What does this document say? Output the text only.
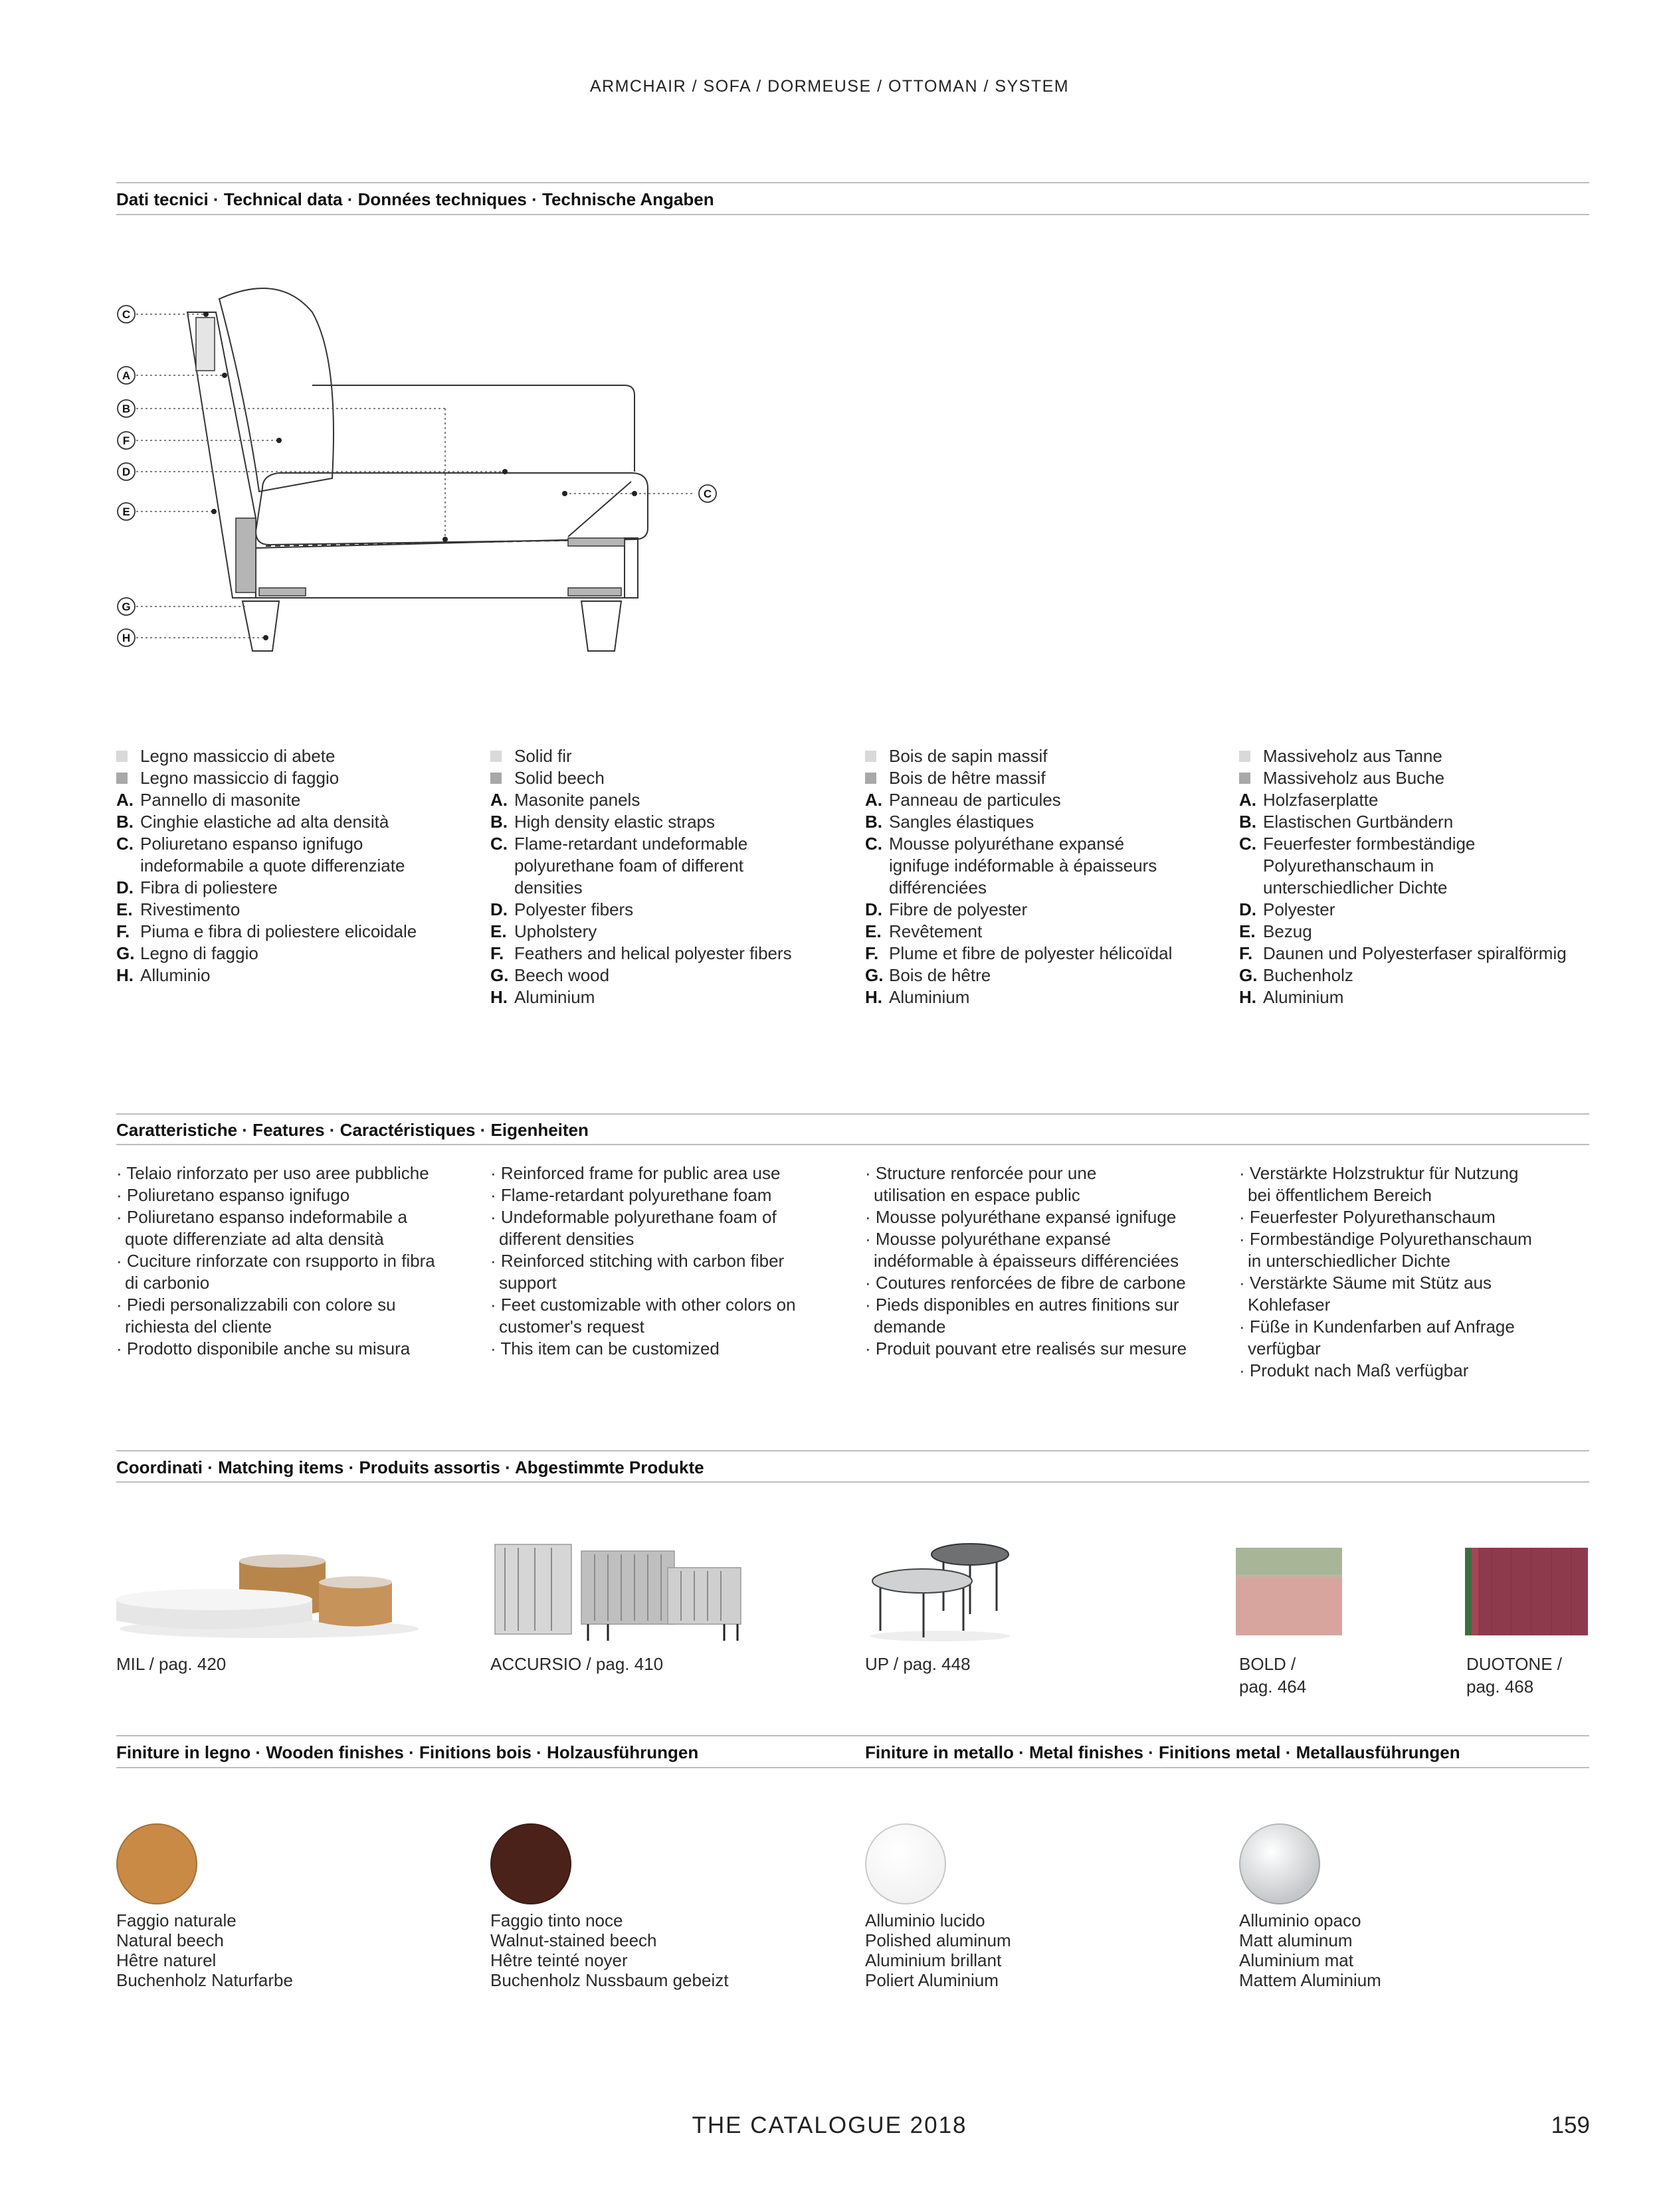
ARMCHAIR / SOFA / DORMEUSE / OTTOMAN / SYSTEM
Dati tecnici · Technical data · Données techniques · Technische Angaben
C
A
B
F
D
E
G
H
C
Legno massiccio di abete
Legno massiccio di faggio
A. Pannello di masonite
B. Cinghie elastiche ad alta densità
C. Poliuretano espanso ignifugo
indeformabile a quote differenziate
D. Fibra di poliestere
E. Rivestimento
F. Piuma e fibra di poliestere elicoidale
G. Legno di faggio
H. Alluminio
Solid fir
Solid beech
A. Masonite panels
B. High density elastic straps
C. Flame-retardant undeformable
polyurethane foam of different
densities
D. Polyester fibers
E. Upholstery
F. Feathers and helical polyester fibers
G. Beech wood
H. Aluminium
Bois de sapin massif
Bois de hêtre massif
A. Panneau de particules
B. Sangles élastiques
C. Mousse polyuréthane expansé
ignifuge indéformable à épaisseurs
différenciées
D. Fibre de polyester
E. Revêtement
F. Plume et fibre de polyester hélicoïdal
G. Bois de hêtre
H. Aluminium
Massiveholz aus Tanne
Massiveholz aus Buche
A. Holzfaserplatte
B. Elastischen Gurtbändern
C. Feuerfester formbeständige
Polyurethanschaum in
unterschiedlicher Dichte
D. Polyester
E. Bezug
F. Daunen und Polyesterfaser spiralförmig
G. Buchenholz
H. Aluminium
Caratteristiche · Features · Caractéristiques · Eigenheiten
· Telaio rinforzato per uso aree pubbliche
· Poliuretano espanso ignifugo
· Poliuretano espanso indeformabile a
quote differenziate ad alta densità
· Cuciture rinforzate con rsupporto in fibra
di carbonio
· Piedi personalizzabili con colore su
richiesta del cliente
· Prodotto disponibile anche su misura
· Reinforced frame for public area use
· Flame-retardant polyurethane foam
· Undeformable polyurethane foam of
different densities
· Reinforced stitching with carbon fiber
support
· Feet customizable with other colors on
customer's request
· This item can be customized
· Structure renforcée pour une
utilisation en espace public
· Mousse polyuréthane expansé ignifuge
· Mousse polyuréthane expansé
indéformable à épaisseurs différenciées
· Coutures renforcées de fibre de carbone
· Pieds disponibles en autres finitions sur
demande
· Produit pouvant etre realisés sur mesure
· Verstärkte Holzstruktur für Nutzung
bei öffentlichem Bereich
· Feuerfester Polyurethanschaum
· Formbeständige Polyurethanschaum
in unterschiedlicher Dichte
· Verstärkte Säume mit Stütz aus
Kohlefaser
· Füße in Kundenfarben auf Anfrage
verfügbar
· Produkt nach Maß verfügbar
Coordinati · Matching items · Produits assortis · Abgestimmte Produkte
MIL / pag. 420	ACCURSIO / pag. 410	UP / pag. 448	BOLD /
pag. 464
DUOTONE /
pag. 468
Finiture in legno · Wooden finishes · Finitions bois · Holzausführungen	Finiture in metallo · Metal finishes · Finitions metal · Metallausführungen
Faggio naturale
Natural beech
Hêtre naturel
Buchenholz Naturfarbe
Faggio tinto noce
Walnut-stained beech
Hêtre teinté noyer
Buchenholz Nussbaum gebeizt
Alluminio lucido
Polished aluminum
Aluminium brillant
Poliert Aluminium
Alluminio opaco
Matt aluminum
Aluminium mat
Mattem Aluminium
THE CATALOGUE 2018	159
